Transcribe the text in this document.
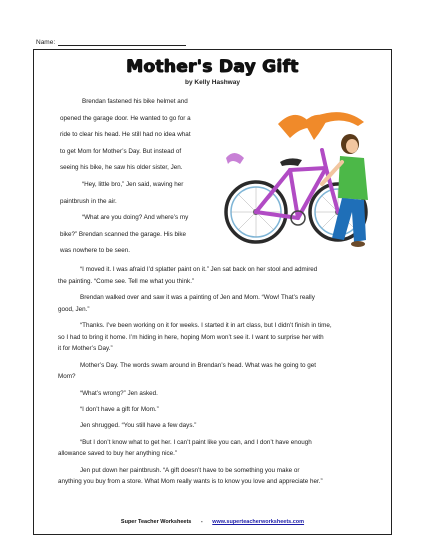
Name:
Mother's Day Gift
by Kelly Hashway
Brendan fastened his bike helmet and
opened the garage door. He wanted to go for a
ride to clear his head. He still had no idea what
to get Mom for Mother’s Day. But instead of
seeing his bike, he saw his older sister, Jen.
“Hey, little bro,” Jen said, waving her
paintbrush in the air.
“What are you doing? And where’s my
bike?” Brendan scanned the garage. His bike
was nowhere to be seen.
“I moved it. I was afraid I’d splatter paint on it.” Jen sat back on her stool and admired
the painting. “Come see. Tell me what you think.”
Brendan walked over and saw it was a painting of Jen and Mom. “Wow! That’s really
good, Jen.”
“Thanks. I’ve been working on it for weeks. I started it in art class, but I didn’t finish in time,
so I had to bring it home. I’m hiding in here, hoping Mom won’t see it. I want to surprise her with
it for Mother’s Day.”
Mother’s Day. The words swam around in Brendan’s head. What was he going to get
Mom?
“What’s wrong?” Jen asked.
“I don’t have a gift for Mom.”
Jen shrugged. “You still have a few days.”
“But I don’t know what to get her. I can’t paint like you can, and I don’t have enough
allowance saved to buy her anything nice.”
Jen put down her paintbrush. “A gift doesn’t have to be something you make or
anything you buy from a store. What Mom really wants is to know you love and appreciate her.”
Super Teacher Worksheets - www.superteacherworksheets.com
